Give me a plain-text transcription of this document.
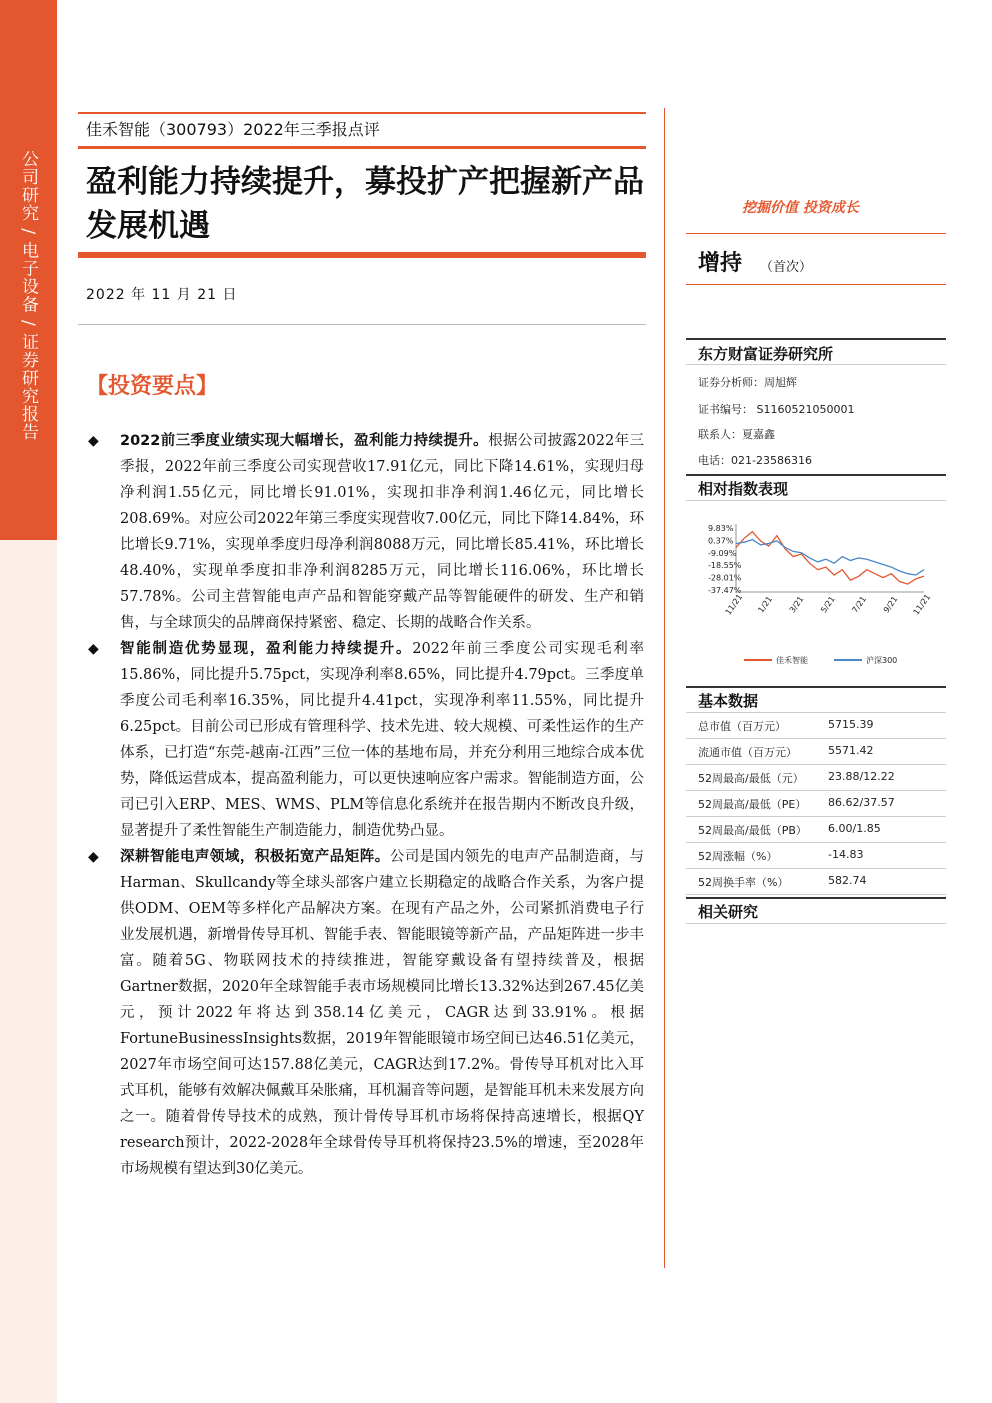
公司研究 / 电子设备 / 证券研究报告
佳禾智能（300793）2022年三季报点评
盈利能力持续提升，募投扩产把握新产品发展机遇
2022 年 11 月 21 日
【投资要点】

◆ 2022前三季度业绩实现大幅增长，盈利能力持续提升。根据公司披露2022年三季报，2022年前三季度公司实现营收17.91亿元，同比下降14.61%，实现归母净利润1.55亿元，同比增长91.01%，实现扣非净利润1.46亿元，同比增长208.69%。对应公司2022年第三季度实现营收7.00亿元，同比下降14.84%，环比增长9.71%，实现单季度归母净利润8088万元，同比增长85.41%，环比增长48.40%，实现单季度扣非净利润8285万元，同比增长116.06%，环比增长57.78%。公司主营智能电声产品和智能穿戴产品等智能硬件的研发、生产和销售，与全球顶尖的品牌商保持紧密、稳定、长期的战略合作关系。

◆ 智能制造优势显现，盈利能力持续提升。2022年前三季度公司实现毛利率15.86%，同比提升5.75pct，实现净利率8.65%，同比提升4.79pct。三季度单季度公司毛利率16.35%，同比提升4.41pct，实现净利率11.55%，同比提升6.25pct。目前公司已形成有管理科学、技术先进、较大规模、可柔性运作的生产体系，已打造“东莞-越南-江西”三位一体的基地布局，并充分利用三地综合成本优势，降低运营成本，提高盈利能力，可以更快速响应客户需求。智能制造方面，公司已引入ERP、MES、WMS、PLM等信息化系统并在报告期内不断改良升级，显著提升了柔性智能生产制造能力，制造优势凸显。

◆ 深耕智能电声领域，积极拓宽产品矩阵。公司是国内领先的电声产品制造商，与Harman、Skullcandy等全球头部客户建立长期稳定的战略合作关系，为客户提供ODM、OEM等多样化产品解决方案。在现有产品之外，公司紧抓消费电子行业发展机遇，新增骨传导耳机、智能手表、智能眼镜等新产品，产品矩阵进一步丰富。随着5G、物联网技术的持续推进，智能穿戴设备有望持续普及，根据Gartner数据，2020年全球智能手表市场规模同比增长13.32%达到267.45亿美元，预计2022年将达到358.14亿美元，CAGR达到33.91%。根据FortuneBusinessInsights数据，2019年智能眼镜市场空间已达46.51亿美元，2027年市场空间可达157.88亿美元，CAGR达到17.2%。骨传导耳机对比入耳式耳机，能够有效解决佩戴耳朵胀痛，耳机漏音等问题，是智能耳机未来发展方向之一。随着骨传导技术的成熟，预计骨传导耳机市场将保持高速增长，根据QY research预计，2022-2028年全球骨传导耳机将保持23.5%的增速，至2028年市场规模有望达到30亿美元。

挖掘价值 投资成长
增持 （首次）
东方财富证券研究所
证券分析师：周旭辉
证书编号： S1160521050001
联系人：夏嘉鑫
电话：021-23586316
相对指数表现
9.83%
0.37%
-9.09%
-18.55%
-28.01%
-37.47%
11/21 1/21 3/21 5/21 7/21 9/21 11/21
佳禾智能	沪深300
基本数据
总市值（百万元）	5715.39
流通市值（百万元）	5571.42
52周最高/最低（元）	23.88/12.22
52周最高/最低（PE）	86.62/37.57
52周最高/最低（PB）	6.00/1.85
52周涨幅（%）	-14.83
52周换手率（%）	582.74
相关研究
